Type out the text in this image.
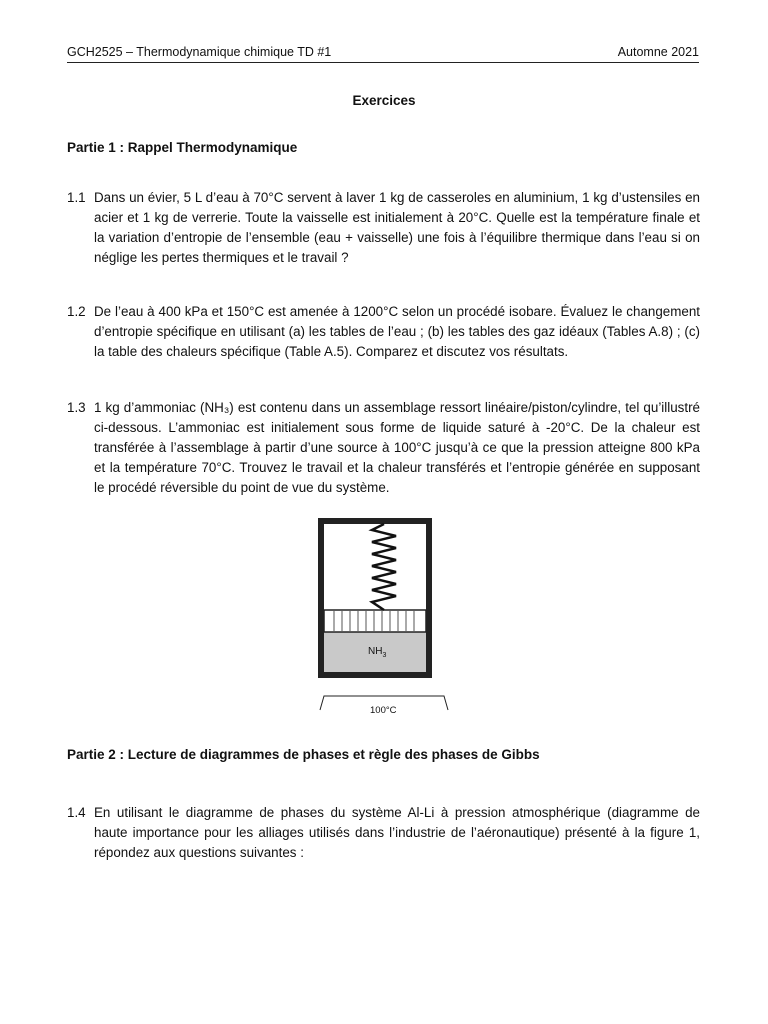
GCH2525 – Thermodynamique chimique TD #1	Automne 2021
Exercices
Partie 1 : Rappel Thermodynamique
1.1 Dans un évier, 5 L d’eau à 70°C servent à laver 1 kg de casseroles en aluminium, 1 kg d’ustensiles en acier et 1 kg de verrerie. Toute la vaisselle est initialement à 20°C. Quelle est la température finale et la variation d’entropie de l’ensemble (eau + vaisselle) une fois à l’équilibre thermique dans l’eau si on néglige les pertes thermiques et le travail ?
1.2 De l’eau à 400 kPa et 150°C est amenée à 1200°C selon un procédé isobare. Évaluez le changement d’entropie spécifique en utilisant (a) les tables de l’eau ; (b) les tables des gaz idéaux (Tables A.8) ; (c) la table des chaleurs spécifique (Table A.5). Comparez et discutez vos résultats.
1.3 1 kg d’ammoniac (NH₃) est contenu dans un assemblage ressort linéaire/piston/cylindre, tel qu’illustré ci-dessous. L’ammoniac est initialement sous forme de liquide saturé à -20°C. De la chaleur est transférée à l’assemblage à partir d’une source à 100°C jusqu’à ce que la pression atteigne 800 kPa et la température 70°C. Trouvez le travail et la chaleur transférés et l’entropie générée en supposant le procédé réversible du point de vue du système.
$NH_3$
100°C
Partie 2 : Lecture de diagrammes de phases et règle des phases de Gibbs
1.4 En utilisant le diagramme de phases du système Al-Li à pression atmosphérique (diagramme de haute importance pour les alliages utilisés dans l’industrie de l’aéronautique) présenté à la figure 1, répondez aux questions suivantes :
